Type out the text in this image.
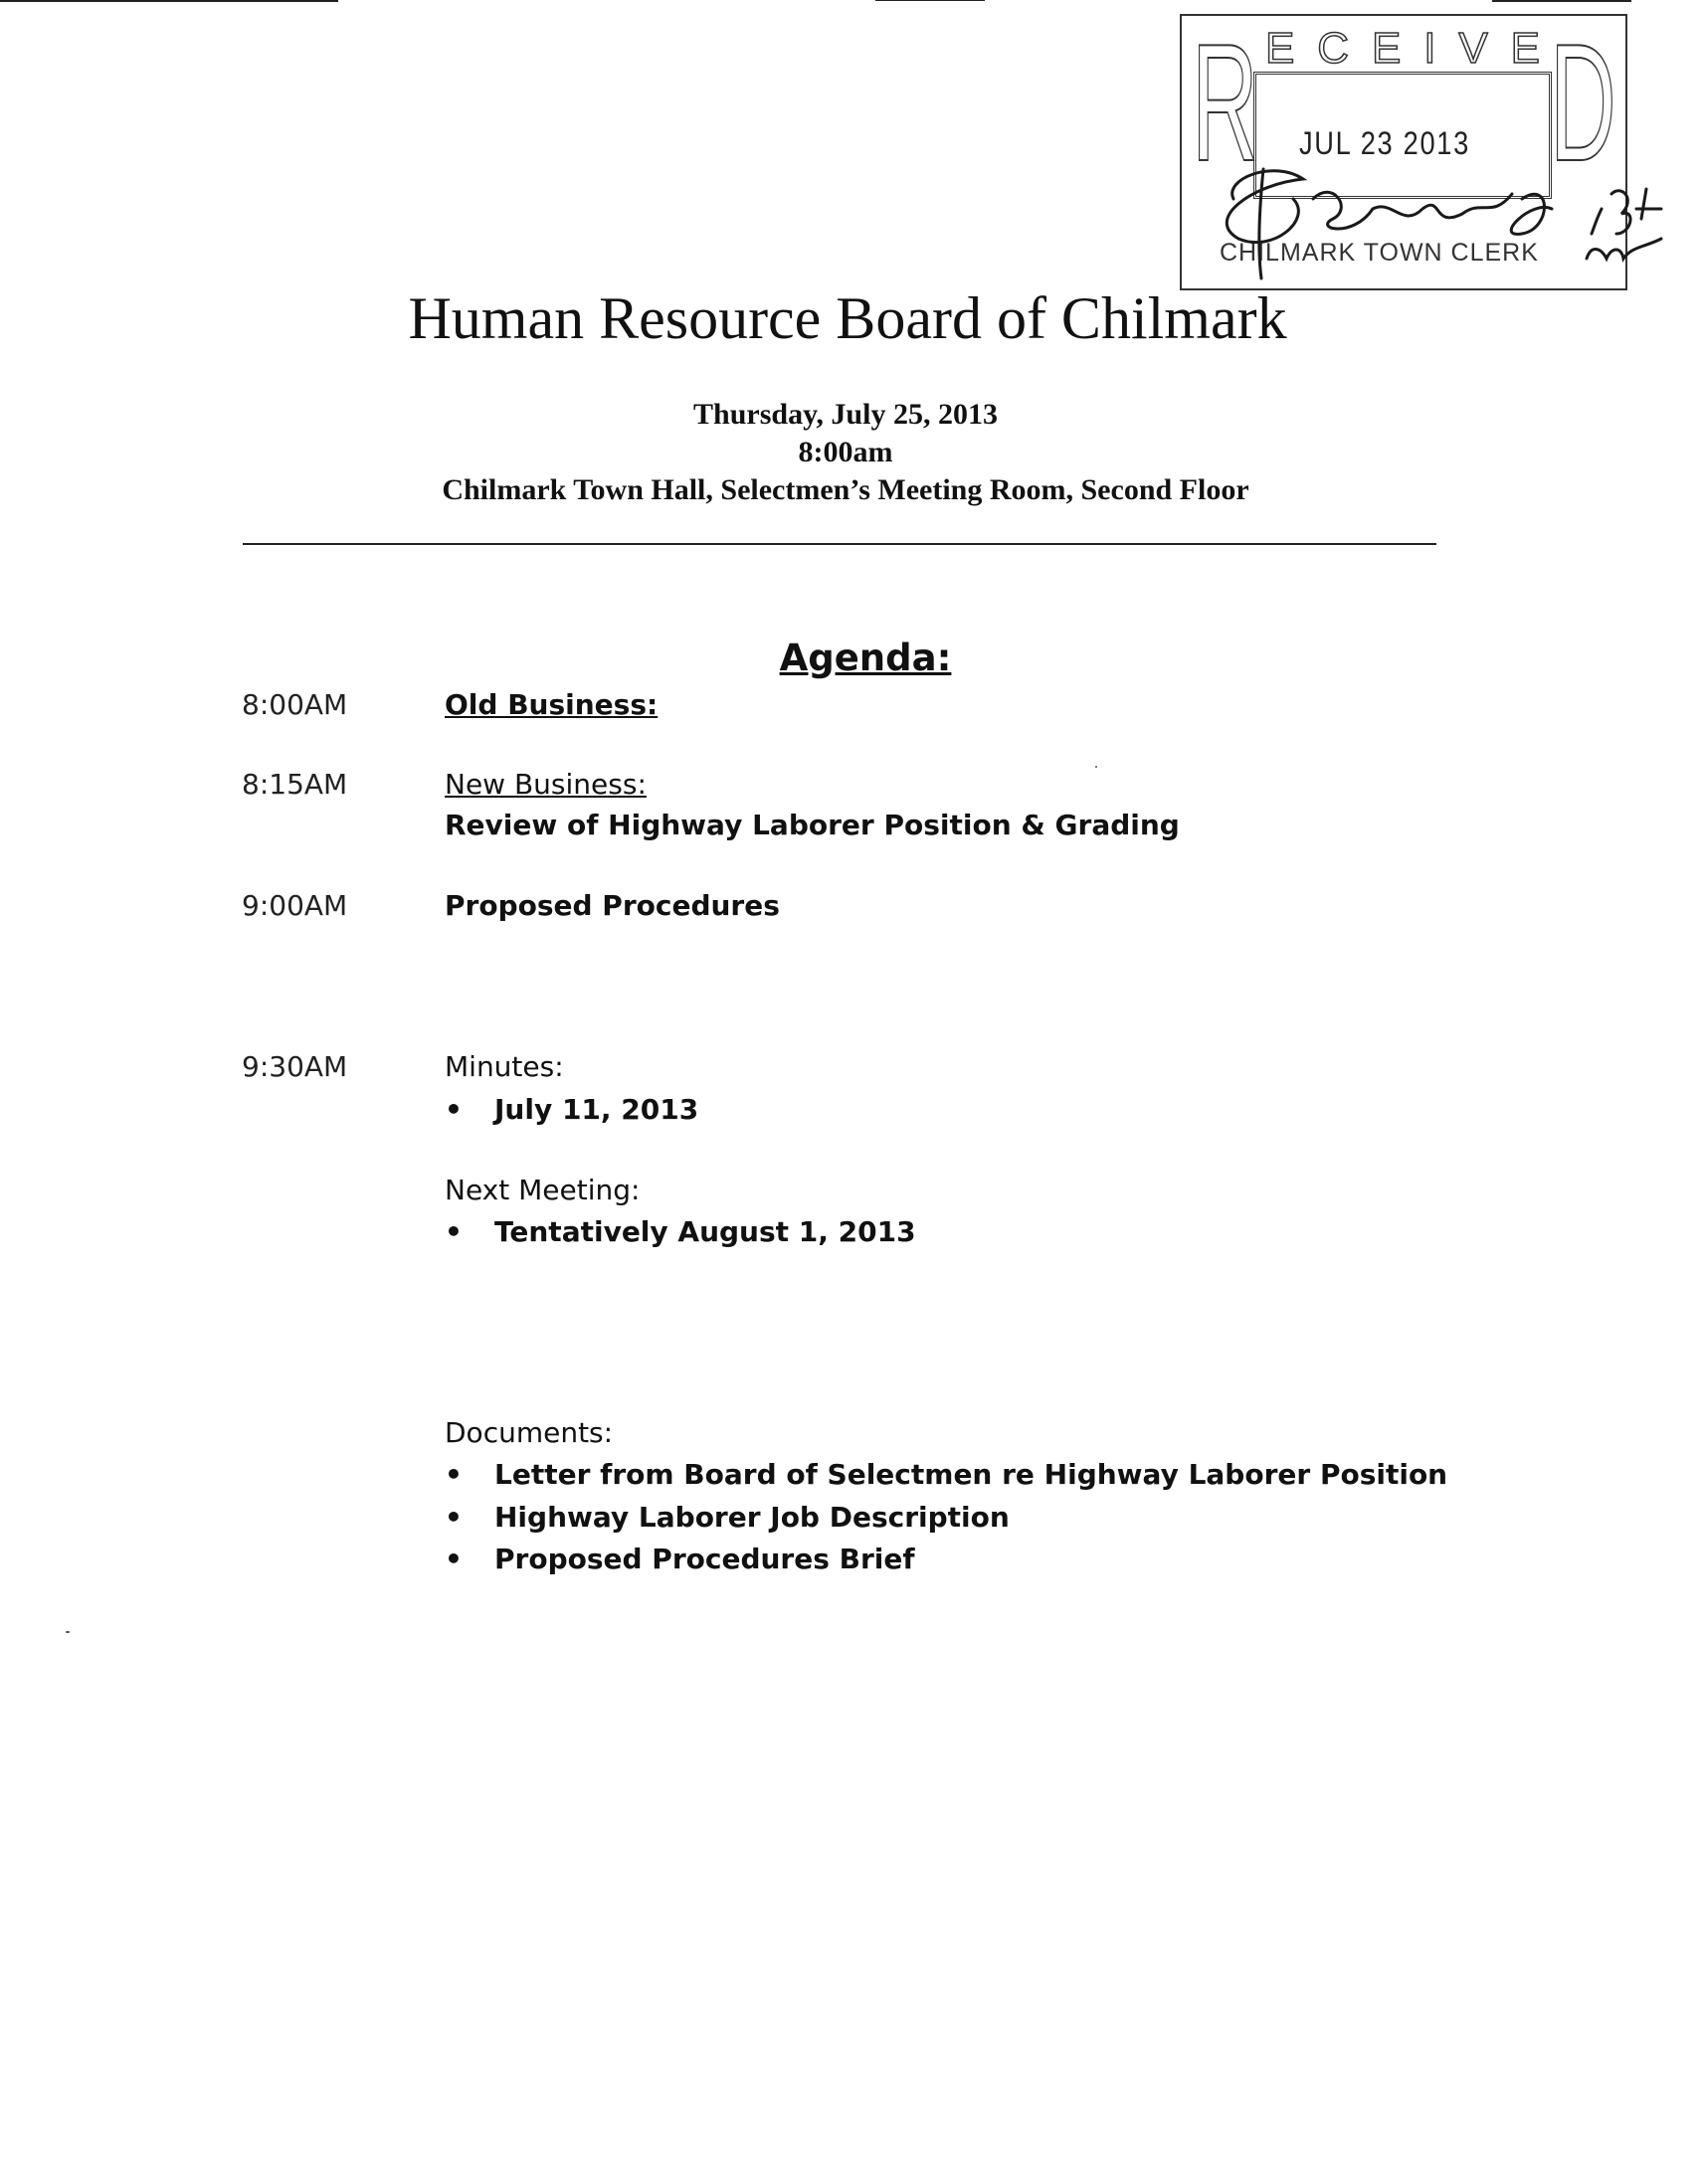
R E C E I V E D
JUL 23 2013
CHILMARK TOWN CLERK
Human Resource Board of Chilmark
Thursday, July 25, 2013
8:00am
Chilmark Town Hall, Selectmen’s Meeting Room, Second Floor
Agenda:
8:00AM	Old Business:
8:15AM	New Business:
Review of Highway Laborer Position & Grading
9:00AM	Proposed Procedures
9:30AM	Minutes:
•	July 11, 2013
Next Meeting:
•	Tentatively August 1, 2013
Documents:
•	Letter from Board of Selectmen re Highway Laborer Position
•	Highway Laborer Job Description
•	Proposed Procedures Brief
